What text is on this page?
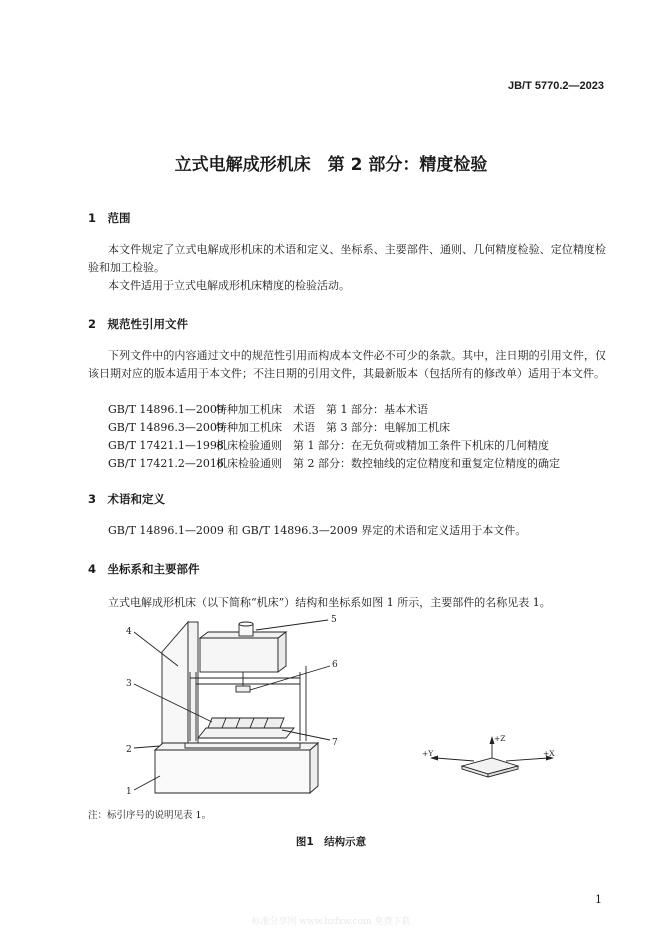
JB/T 5770.2—2023
立式电解成形机床　第 2 部分：精度检验
1　范围
本文件规定了立式电解成形机床的术语和定义、坐标系、主要部件、通则、几何精度检验、定位精度检验和加工检验。
本文件适用于立式电解成形机床精度的检验活动。
2　规范性引用文件
下列文件中的内容通过文中的规范性引用而构成本文件必不可少的条款。其中，注日期的引用文件，仅该日期对应的版本适用于本文件；不注日期的引用文件，其最新版本（包括所有的修改单）适用于本文件。
GB/T 14896.1—2009特种加工机床　术语　第 1 部分：基本术语
GB/T 14896.3—2009特种加工机床　术语　第 3 部分：电解加工机床
GB/T 17421.1—1998机床检验通则　第 1 部分：在无负荷或精加工条件下机床的几何精度
GB/T 17421.2—2016机床检验通则　第 2 部分：数控轴线的定位精度和重复定位精度的确定
3　术语和定义
GB/T 14896.1—2009 和 GB/T 14896.3—2009 界定的术语和定义适用于本文件。
4　坐标系和主要部件
立式电解成形机床（以下简称“机床”）结构和坐标系如图 1 所示，主要部件的名称见表 1。
4
5
6
3
2
7
1
+Z
+Y	+X
注：标引序号的说明见表 1。
图1　结构示意
1
标准分享网 www.bzfxw.com 免费下载
